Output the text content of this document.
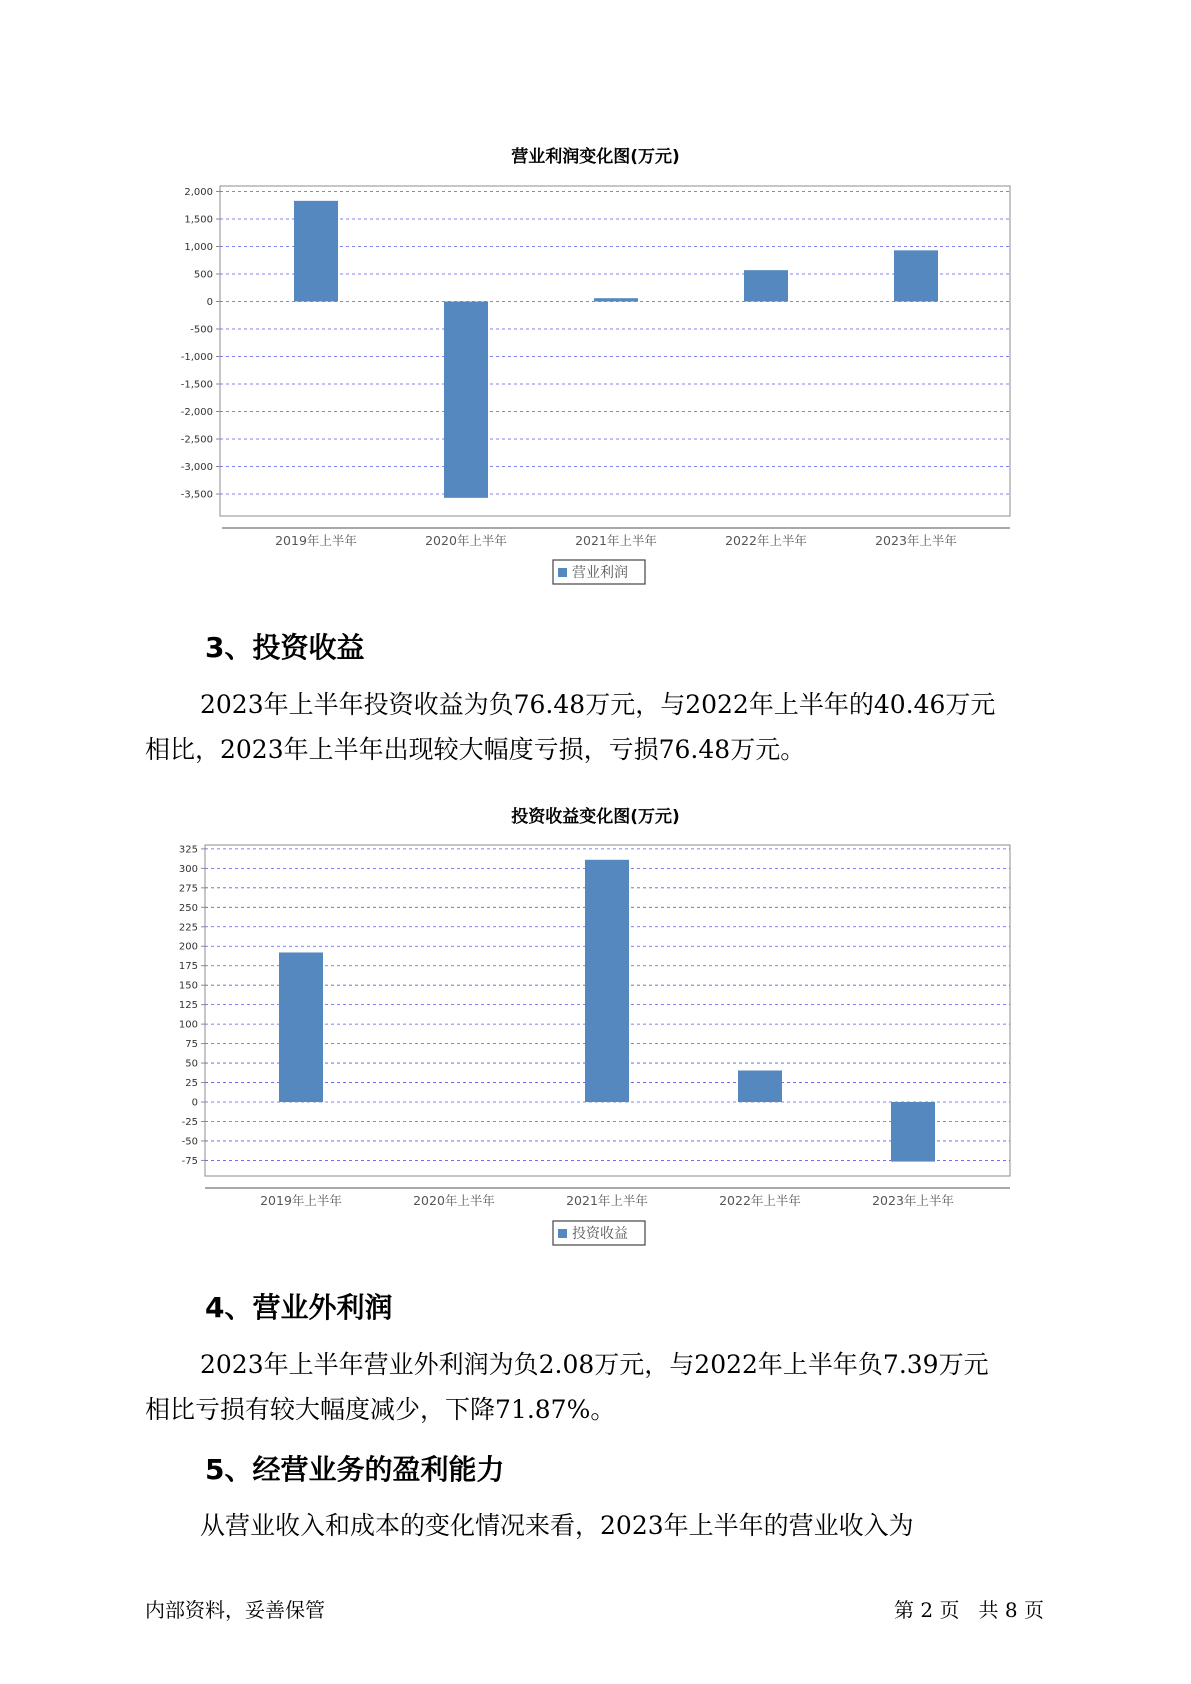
营业利润变化图(万元)
2,000
1,500
1,000
500
0
-500
-1,000
-1,500
-2,000
-2,500
-3,000
-3,500
2019年上半年	2020年上半年	2021年上半年	2022年上半年	2023年上半年
营业利润
3、投资收益
2023年上半年投资收益为负76.48万元，与2022年上半年的40.46万元
相比，2023年上半年出现较大幅度亏损，亏损76.48万元。
投资收益变化图(万元)
325
300
275
250
225
200
175
150
125
100
75
50
25
0
-25
-50
-75
2019年上半年	2020年上半年	2021年上半年	2022年上半年	2023年上半年
投资收益
4、营业外利润
2023年上半年营业外利润为负2.08万元，与2022年上半年负7.39万元
相比亏损有较大幅度减少，下降71.87%。
5、经营业务的盈利能力
从营业收入和成本的变化情况来看，2023年上半年的营业收入为
内部资料，妥善保管	第 2 页   共 8 页
